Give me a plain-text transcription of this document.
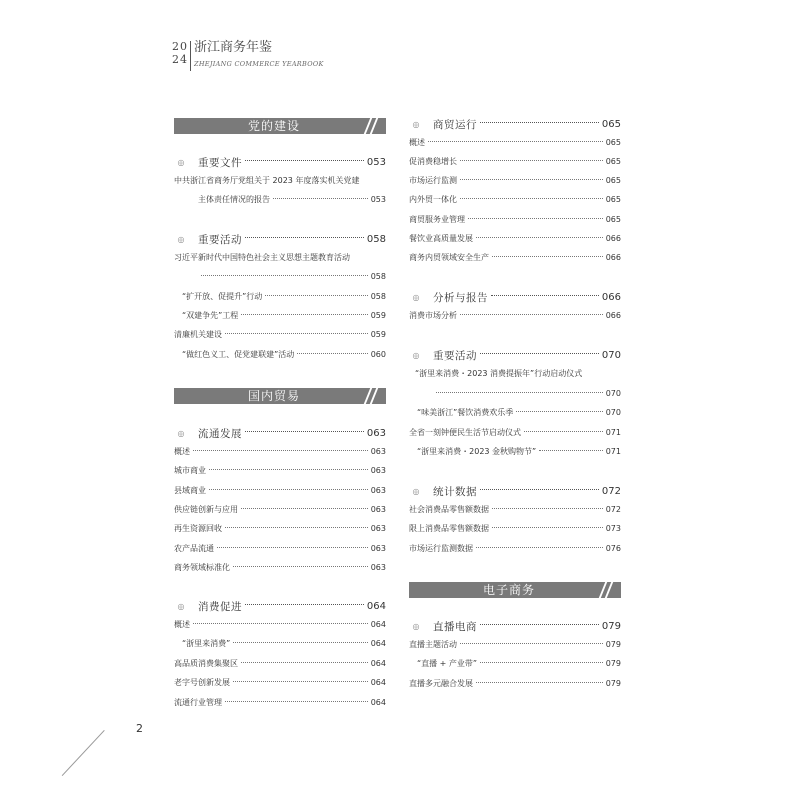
20
24
浙江商务年鉴
ZHEJIANG COMMERCE YEARBOOK
党的建设
◎	重要文件	053
中共浙江省商务厅党组关于 2023 年度落实机关党建
主体责任情况的报告	053
◎	重要活动	058
习近平新时代中国特色社会主义思想主题教育活动
058
“扩开放、促提升”行动	058
“双建争先”工程	059
清廉机关建设	059
“做红色义工、促党建联建”活动	060
国内贸易
◎	流通发展	063
概述	063
城市商业	063
县域商业	063
供应链创新与应用	063
再生资源回收	063
农产品流通	063
商务领域标准化	063
◎	消费促进	064
概述	064
“浙里来消费”	064
高品质消费集聚区	064
老字号创新发展	064
流通行业管理	064
◎	商贸运行	065
概述	065
促消费稳增长	065
市场运行监测	065
内外贸一体化	065
商贸服务业管理	065
餐饮业高质量发展	066
商务内贸领域安全生产	066
◎	分析与报告	066
消费市场分析	066
◎	重要活动	070
“浙里来消费・2023 消费提振年”行动启动仪式
070
“味美浙江”餐饮消费欢乐季	070
全省一刻钟便民生活节启动仪式	071
“浙里来消费・2023 金秋购物节”	071
◎	统计数据	072
社会消费品零售额数据	072
限上消费品零售额数据	073
市场运行监测数据	076
电子商务
◎	直播电商	079
直播主题活动	079
“直播 + 产业带”	079
直播多元融合发展	079
2
